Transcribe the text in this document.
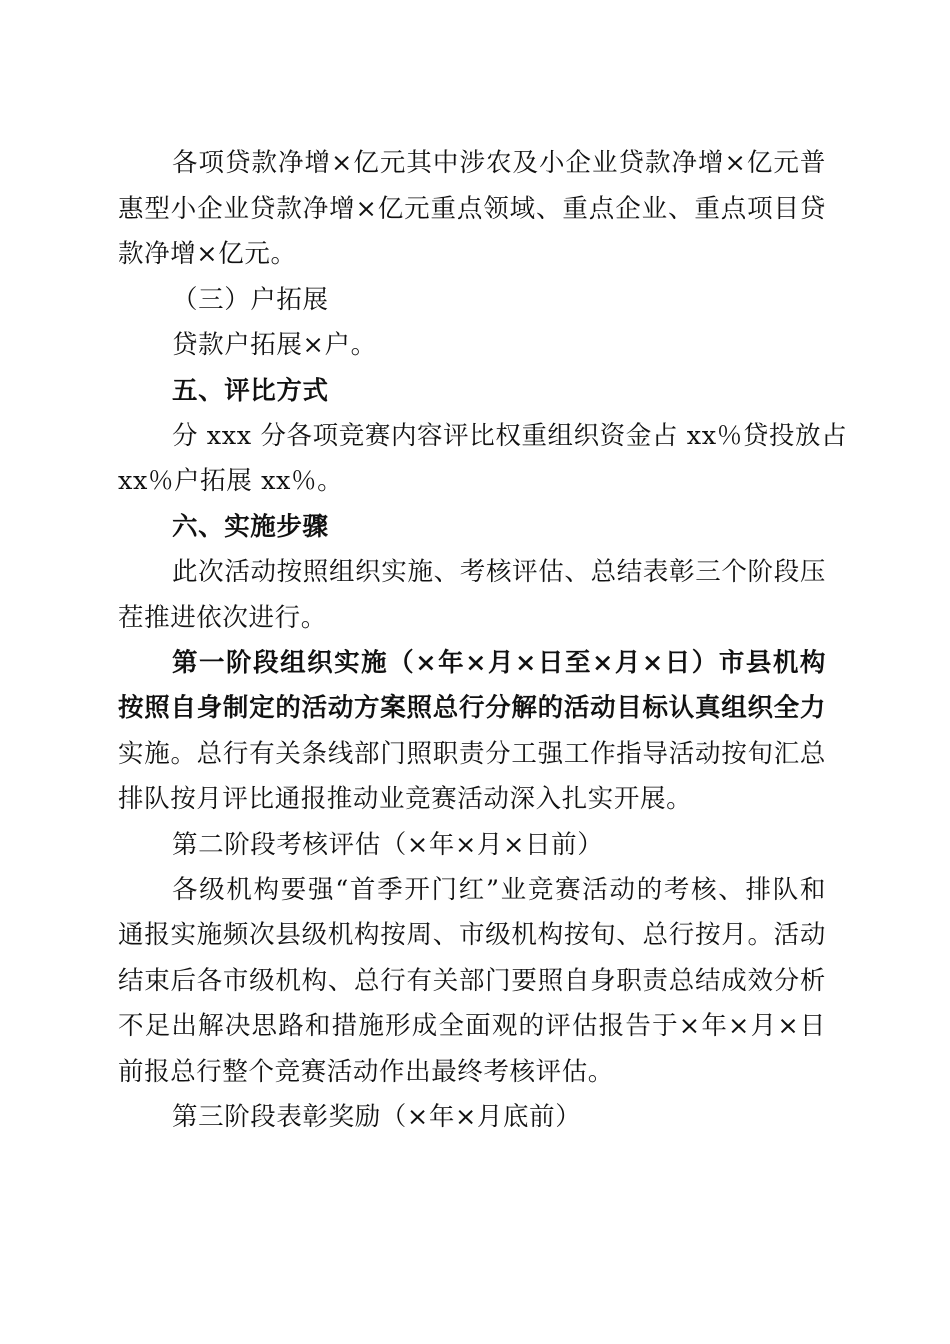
各项贷款净增×亿元其中涉农及小企业贷款净增×亿元普
惠型小企业贷款净增×亿元重点领域、重点企业、重点项目贷
款净增×亿元。
（三）户拓展
贷款户拓展×户。
五、评比方式
分 xxx 分各项竞赛内容评比权重组织资金占 xx％贷投放占
xx％户拓展 xx％。
六、实施步骤
此次活动按照组织实施、考核评估、总结表彰三个阶段压
茬推进依次进行。
第一阶段组织实施（×年×月×日至×月×日）市县机构
按照自身制定的活动方案照总行分解的活动目标认真组织全力
实施。总行有关条线部门照职责分工强工作指导活动按旬汇总
排队按月评比通报推动业竞赛活动深入扎实开展。
第二阶段考核评估（×年×月×日前）
各级机构要强“首季开门红”业竞赛活动的考核、排队和
通报实施频次县级机构按周、市级机构按旬、总行按月。活动
结束后各市级机构、总行有关部门要照自身职责总结成效分析
不足出解决思路和措施形成全面观的评估报告于×年×月×日
前报总行整个竞赛活动作出最终考核评估。
第三阶段表彰奖励（×年×月底前）
